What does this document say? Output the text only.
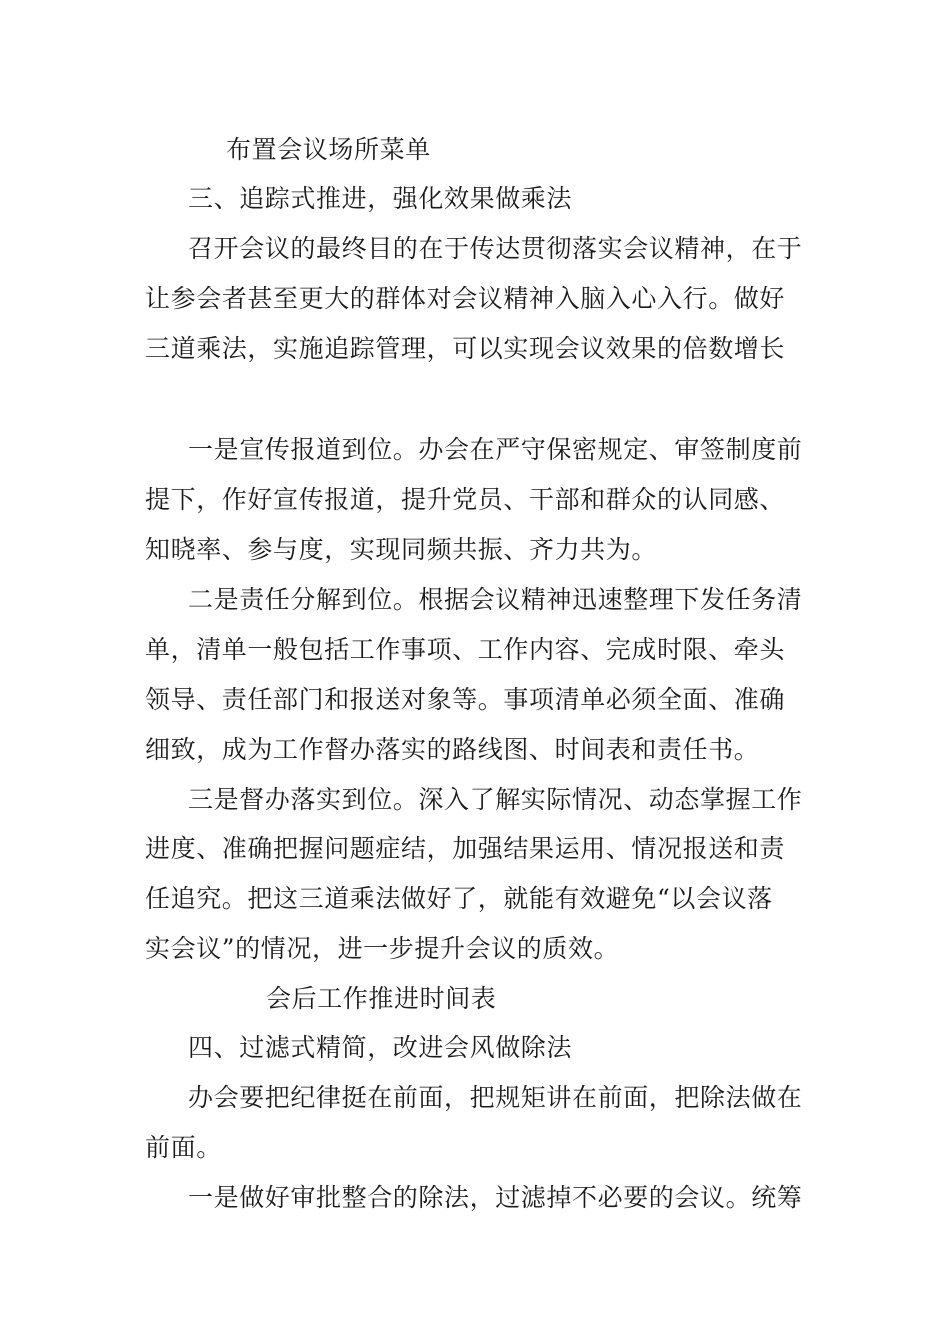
布置会议场所菜单
三、追踪式推进，强化效果做乘法
召开会议的最终目的在于传达贯彻落实会议精神，在于
让参会者甚至更大的群体对会议精神入脑入心入行。做好
三道乘法，实施追踪管理，可以实现会议效果的倍数增长
一是宣传报道到位。办会在严守保密规定、审签制度前
提下，作好宣传报道，提升党员、干部和群众的认同感、
知晓率、参与度，实现同频共振、齐力共为。
二是责任分解到位。根据会议精神迅速整理下发任务清
单，清单一般包括工作事项、工作内容、完成时限、牵头
领导、责任部门和报送对象等。事项清单必须全面、准确
细致，成为工作督办落实的路线图、时间表和责任书。
三是督办落实到位。深入了解实际情况、动态掌握工作
进度、准确把握问题症结，加强结果运用、情况报送和责
任追究。把这三道乘法做好了，就能有效避免“以会议落
实会议”的情况，进一步提升会议的质效。
会后工作推进时间表
四、过滤式精简，改进会风做除法
办会要把纪律挺在前面，把规矩讲在前面，把除法做在
前面。
一是做好审批整合的除法，过滤掉不必要的会议。统筹
